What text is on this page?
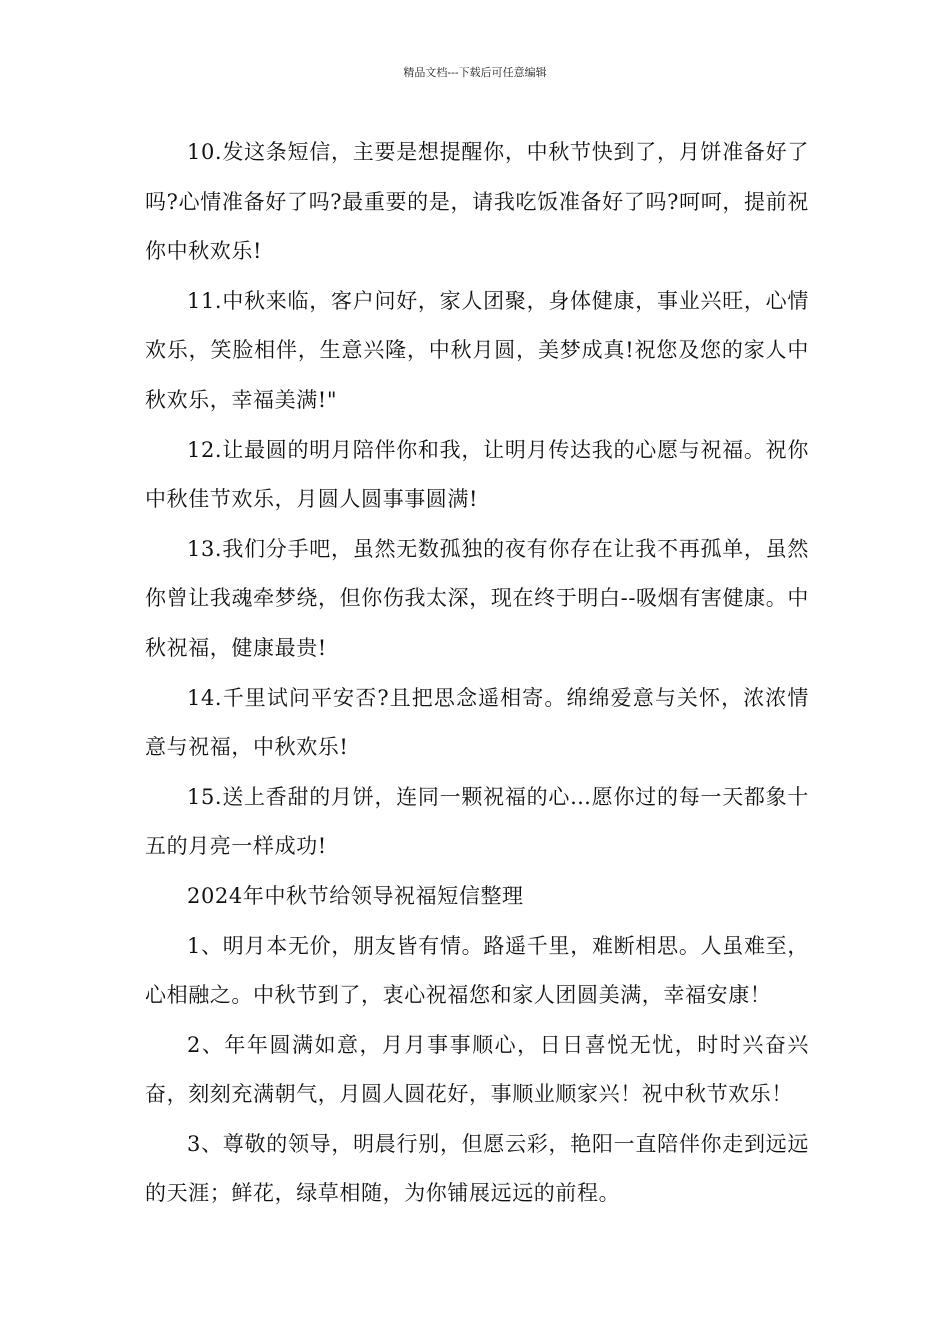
精品文档---下载后可任意编辑

10.发这条短信，主要是想提醒你，中秋节快到了，月饼准备好了吗?心情准备好了吗?最重要的是，请我吃饭准备好了吗?呵呵，提前祝你中秋欢乐!

11.中秋来临，客户问好，家人团聚，身体健康，事业兴旺，心情欢乐，笑脸相伴，生意兴隆，中秋月圆，美梦成真!祝您及您的家人中秋欢乐，幸福美满!"

12.让最圆的明月陪伴你和我，让明月传达我的心愿与祝福。祝你中秋佳节欢乐，月圆人圆事事圆满!

13.我们分手吧，虽然无数孤独的夜有你存在让我不再孤单，虽然你曾让我魂牵梦绕，但你伤我太深，现在终于明白--吸烟有害健康。中秋祝福，健康最贵!

14.千里试问平安否?且把思念遥相寄。绵绵爱意与关怀，浓浓情意与祝福，中秋欢乐!

15.送上香甜的月饼，连同一颗祝福的心…愿你过的每一天都象十五的月亮一样成功!

2024年中秋节给领导祝福短信整理

1、明月本无价，朋友皆有情。路遥千里，难断相思。人虽难至，心相融之。中秋节到了，衷心祝福您和家人团圆美满，幸福安康！

2、年年圆满如意，月月事事顺心，日日喜悦无忧，时时兴奋兴奋，刻刻充满朝气，月圆人圆花好，事顺业顺家兴！祝中秋节欢乐！

3、尊敬的领导，明晨行别，但愿云彩，艳阳一直陪伴你走到远远的天涯；鲜花，绿草相随，为你铺展远远的前程。
